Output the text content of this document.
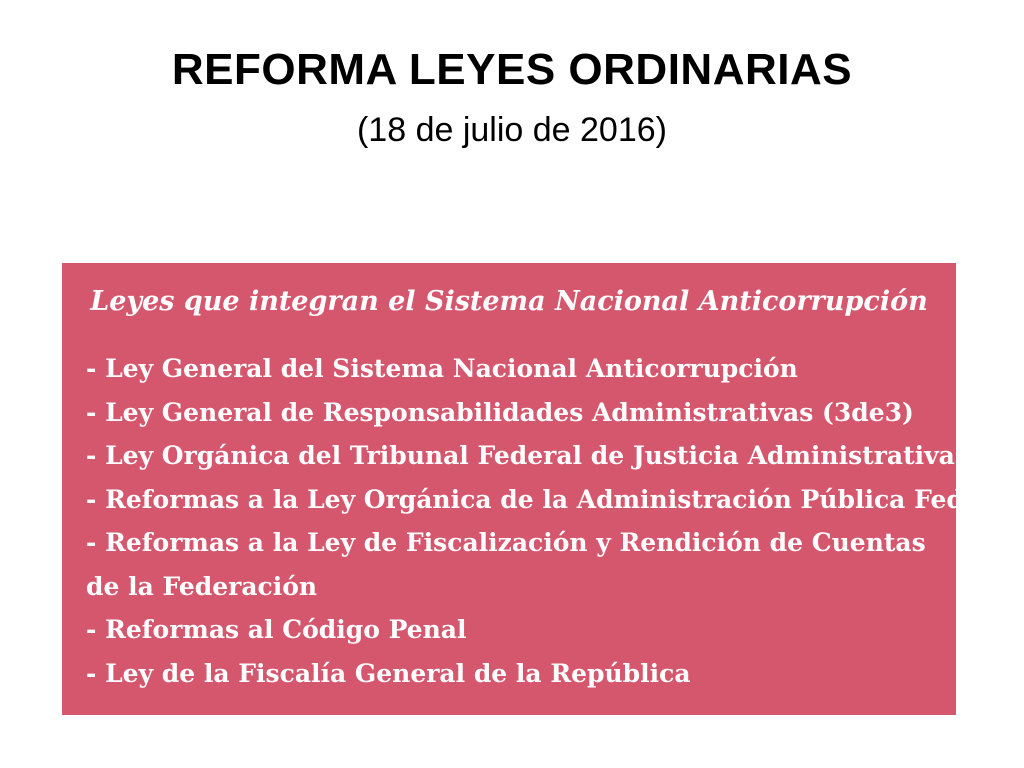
REFORMA LEYES ORDINARIAS
(18 de julio de 2016)
Leyes que integran el Sistema Nacional Anticorrupción
- Ley General del Sistema Nacional Anticorrupción
- Ley General de Responsabilidades Administrativas (3de3)
- Ley Orgánica del Tribunal Federal de Justicia Administrativa
- Reformas a la Ley Orgánica de la Administración Pública Federal
- Reformas a la Ley de Fiscalización y Rendición de Cuentas de la Federación
- Reformas al Código Penal
- Ley de la Fiscalía General de la República
